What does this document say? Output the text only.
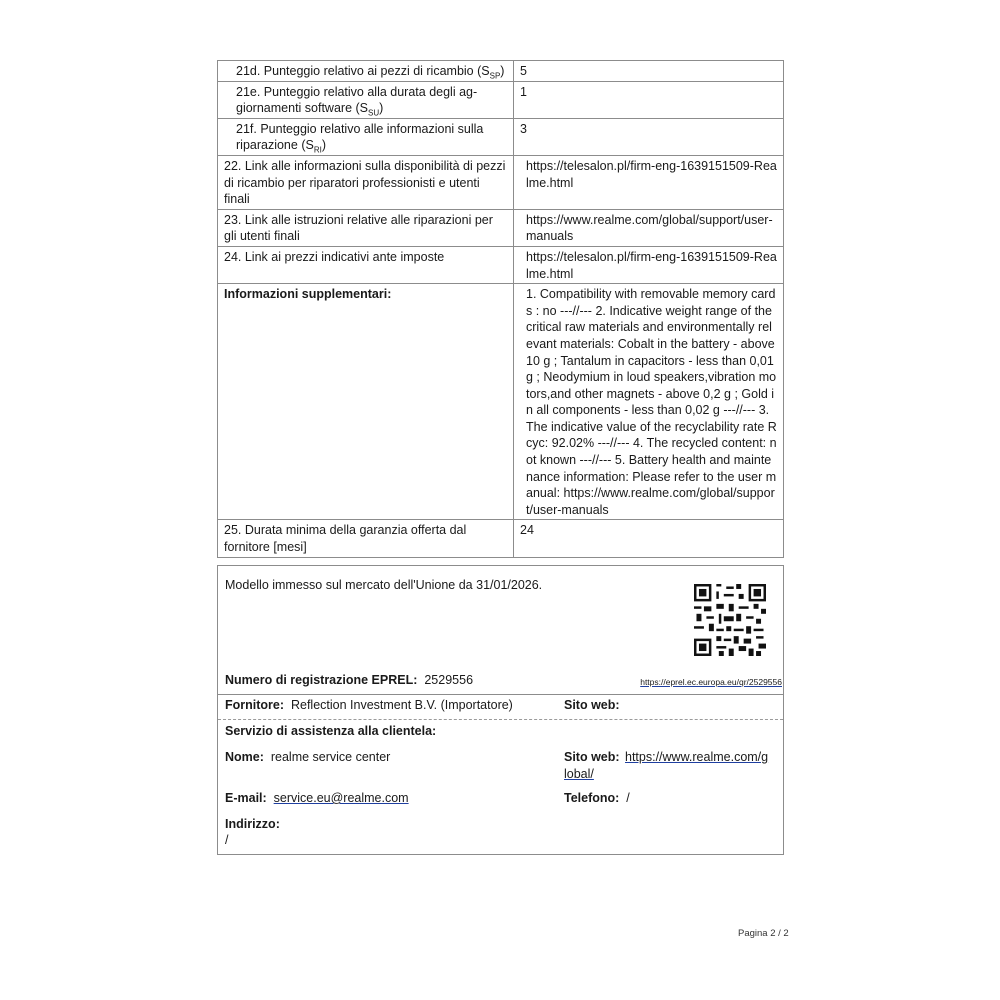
21d. Punteggio relativo ai pezzi di ricambio $(S_{SP})$	5
21e. Punteggio relativo alla durata degli aggiornamenti software $(S_{SU})$	1
21f. Punteggio relativo alle informazioni sulla riparazione $(S_{RI})$	3
22. Link alle informazioni sulla disponibilità di pezzi di ricambio per riparatori professionisti e utenti finali	https://telesalon.pl/firm-eng-1639151509-Realme.html
23. Link alle istruzioni relative alle riparazioni per gli utenti finali	https://www.realme.com/global/support/user-manuals
24. Link ai prezzi indicativi ante imposte	https://telesalon.pl/firm-eng-1639151509-Realme.html
Informazioni supplementari:	1. Compatibility with removable memory cards : no ---//--- 2. Indicative weight range of the critical raw materials and environmentally relevant materials: Cobalt in the battery - above 10 g ; Tantalum in capacitors - less than 0,01 g ; Neodymium in loud speakers,vibration motors,and other magnets - above 0,2 g ; Gold in all components - less than 0,02 g ---//--- 3. The indicative value of the recyclability rate Rcyc: 92.02% ---//--- 4. The recycled content: not known ---//--- 5. Battery health and maintenance information: Please refer to the user manual: https://www.realme.com/global/support/user-manuals
25. Durata minima della garanzia offerta dal fornitore [mesi]	24
Modello immesso sul mercato dell'Unione da 31/01/2026.
Numero di registrazione EPREL: 2529556	https://eprel.ec.europa.eu/qr/2529556
Fornitore: Reflection Investment B.V. (Importatore)	Sito web:
Servizio di assistenza alla clientela:
Nome: realme service center	Sito web: https://www.realme.com/g
lobal/
E-mail: service.eu@realme.com	Telefono: /
Indirizzo:
/
Pagina 2 / 2
